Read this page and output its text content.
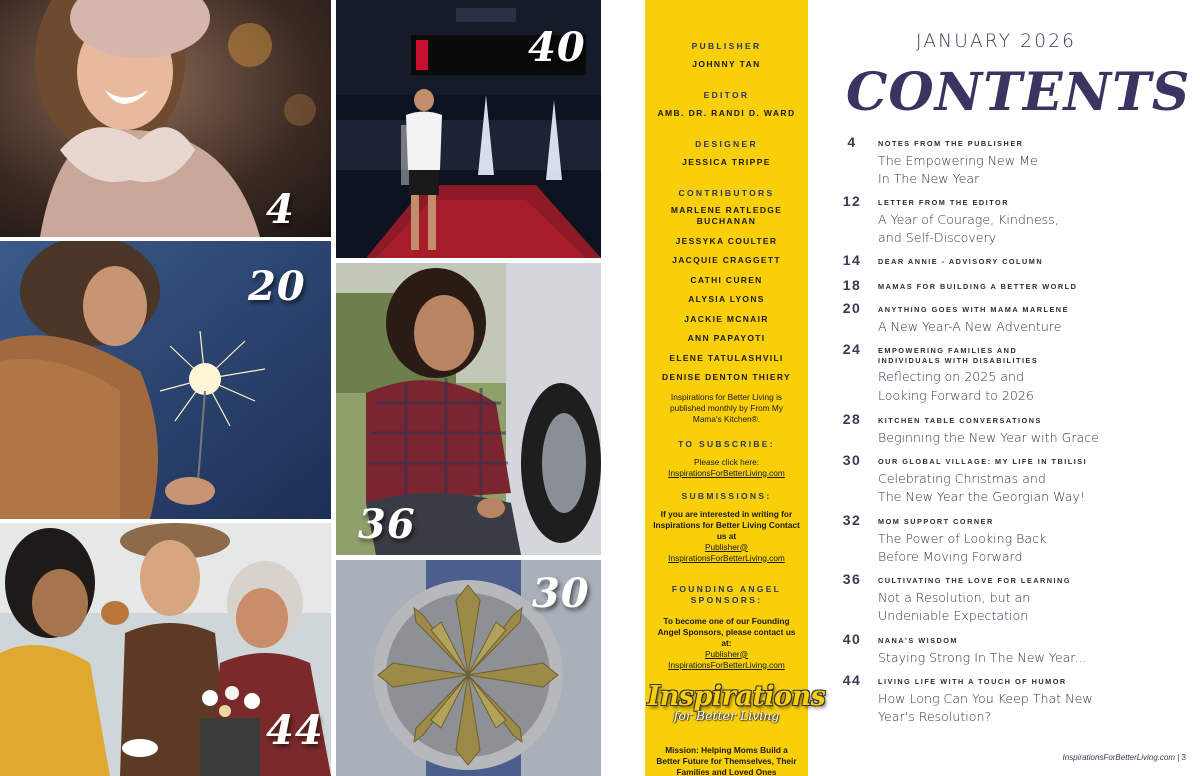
4
20
44
40
36
30
PUBLISHER
JOHNNY TAN
EDITOR
AMB. DR. RANDI D. WARD
DESIGNER
JESSICA TRIPPE
CONTRIBUTORS
MARLENE RATLEDGE BUCHANAN
JESSYKA COULTER
JACQUIE CRAGGETT
CATHI CUREN
ALYSIA LYONS
JACKIE MCNAIR
ANN PAPAYOTI
ELENE TATULASHVILI
DENISE DENTON THIERY
Inspirations for Better Living is published monthly by From My Mama's Kitchen®.
TO SUBSCRIBE:
Please click here:
InspirationsForBetterLiving.com
SUBMISSIONS:
If you are interested in writing for Inspirations for Better Living Contact us at
Publisher@ InspirationsForBetterLiving.com
FOUNDING ANGEL SPONSORS:
To become one of our Founding Angel Sponsors, please contact us at:
Publisher@ InspirationsForBetterLiving.com
Inspirations
for Better Living
Mission: Helping Moms Build a Better Future for Themselves, Their Families and Loved Ones
JANUARY 2026
CONTENTS
4	NOTES FROM THE PUBLISHER
The Empowering New Me
In The New Year
12	LETTER FROM THE EDITOR
A Year of Courage, Kindness,
and Self-Discovery
14	DEAR ANNIE - ADVISORY COLUMN
18	MAMAS FOR BUILDING A BETTER WORLD
20	ANYTHING GOES WITH MAMA MARLENE
A New Year-A New Adventure
24	EMPOWERING FAMILIES AND INDIVIDUALS WITH DISABILITIES
Reflecting on 2025 and
Looking Forward to 2026
28	KITCHEN TABLE CONVERSATIONS
Beginning the New Year with Grace
30	OUR GLOBAL VILLAGE: MY LIFE IN TBILISI
Celebrating Christmas and
The New Year the Georgian Way!
32	MOM SUPPORT CORNER
The Power of Looking Back
Before Moving Forward
36	CULTIVATING THE LOVE FOR LEARNING
Not a Resolution, but an
Undeniable Expectation
40	NANA'S WISDOM
Staying Strong In The New Year...
44	LIVING LIFE WITH A TOUCH OF HUMOR
How Long Can You Keep That New
Year's Resolution?
InspirationsForBetterLiving.com | 3
